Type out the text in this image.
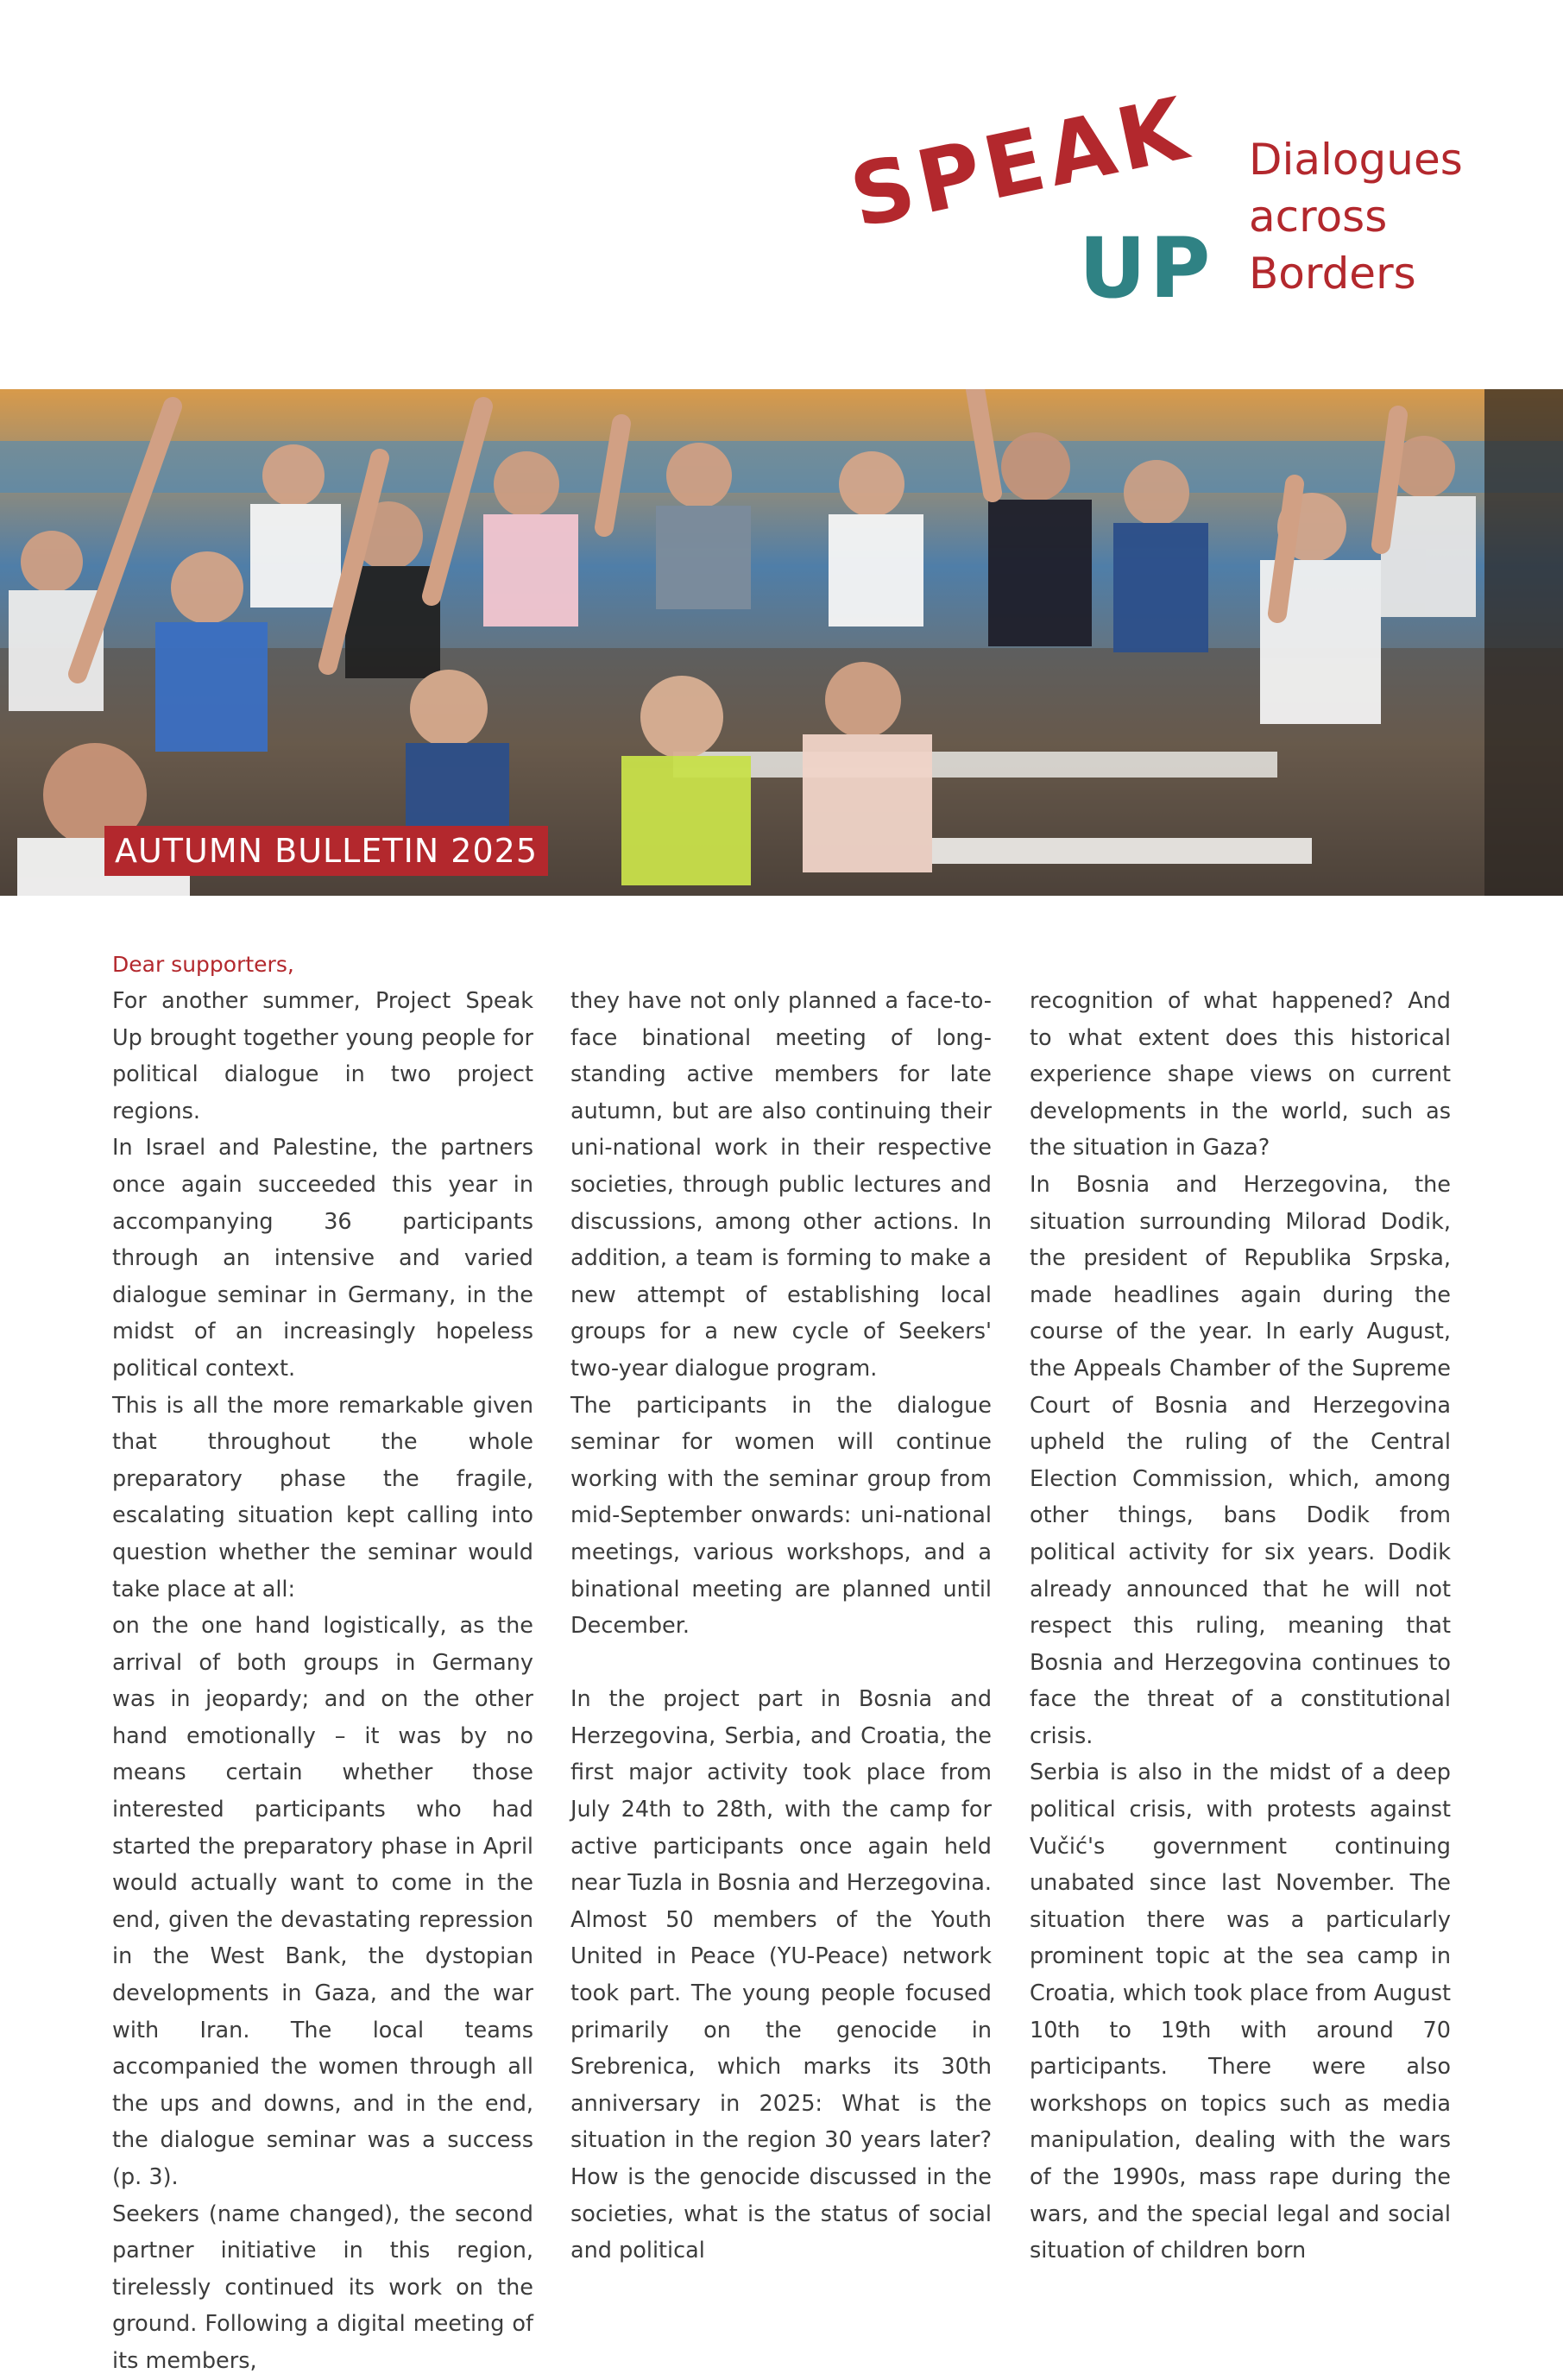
SPEAK
UP
Dialogues
across
Borders
AUTUMN BULLETIN 2025
Dear supporters,

For another summer, Project Speak Up brought together young people for political dialogue in two project regions.

In Israel and Palestine, the partners once again succeeded this year in accompanying 36 participants through an intensive and varied dialogue seminar in Germany, in the midst of an increasingly hopeless political context.

This is all the more remarkable given that throughout the whole preparatory phase the fragile, escalating situation kept calling into question whether the seminar would take place at all:

on the one hand logistically, as the arrival of both groups in Germany was in jeopardy; and on the other hand emotionally – it was by no means certain whether those interested participants who had started the preparatory phase in April would actually want to come in the end, given the devastating repression in the West Bank, the dystopian developments in Gaza, and the war with Iran. The local teams accompanied the women through all the ups and downs, and in the end, the dialogue seminar was a success (p. 3).

Seekers (name changed), the second partner initiative in this region, tirelessly continued its work on the ground. Following a digital meeting of its members,

they have not only planned a face-to-face binational meeting of long-standing active members for late autumn, but are also continuing their uni-national work in their respective societies, through public lectures and discussions, among other actions. In addition, a team is forming to make a new attempt of establishing local groups for a new cycle of Seekers' two-year dialogue program.

The participants in the dialogue seminar for women will continue working with the seminar group from mid-September onwards: uni-national meetings, various workshops, and a binational meeting are planned until December.

In the project part in Bosnia and Herzegovina, Serbia, and Croatia, the first major activity took place from July 24th to 28th, with the camp for active participants once again held near Tuzla in Bosnia and Herzegovina. Almost 50 members of the Youth United in Peace (YU-Peace) network took part. The young people focused primarily on the genocide in Srebrenica, which marks its 30th anniversary in 2025: What is the situation in the region 30 years later? How is the genocide discussed in the societies, what is the status of social and political

recognition of what happened? And to what extent does this historical experience shape views on current developments in the world, such as the situation in Gaza?

In Bosnia and Herzegovina, the situation surrounding Milorad Dodik, the president of Republika Srpska, made headlines again during the course of the year. In early August, the Appeals Chamber of the Supreme Court of Bosnia and Herzegovina upheld the ruling of the Central Election Commission, which, among other things, bans Dodik from political activity for six years. Dodik already announced that he will not respect this ruling, meaning that Bosnia and Herzegovina continues to face the threat of a constitutional crisis.

Serbia is also in the midst of a deep political crisis, with protests against Vučić's government continuing unabated since last November. The situation there was a particularly prominent topic at the sea camp in Croatia, which took place from August 10th to 19th with around 70 participants. There were also workshops on topics such as media manipulation, dealing with the wars of the 1990s, mass rape during the wars, and the special legal and social situation of children born
